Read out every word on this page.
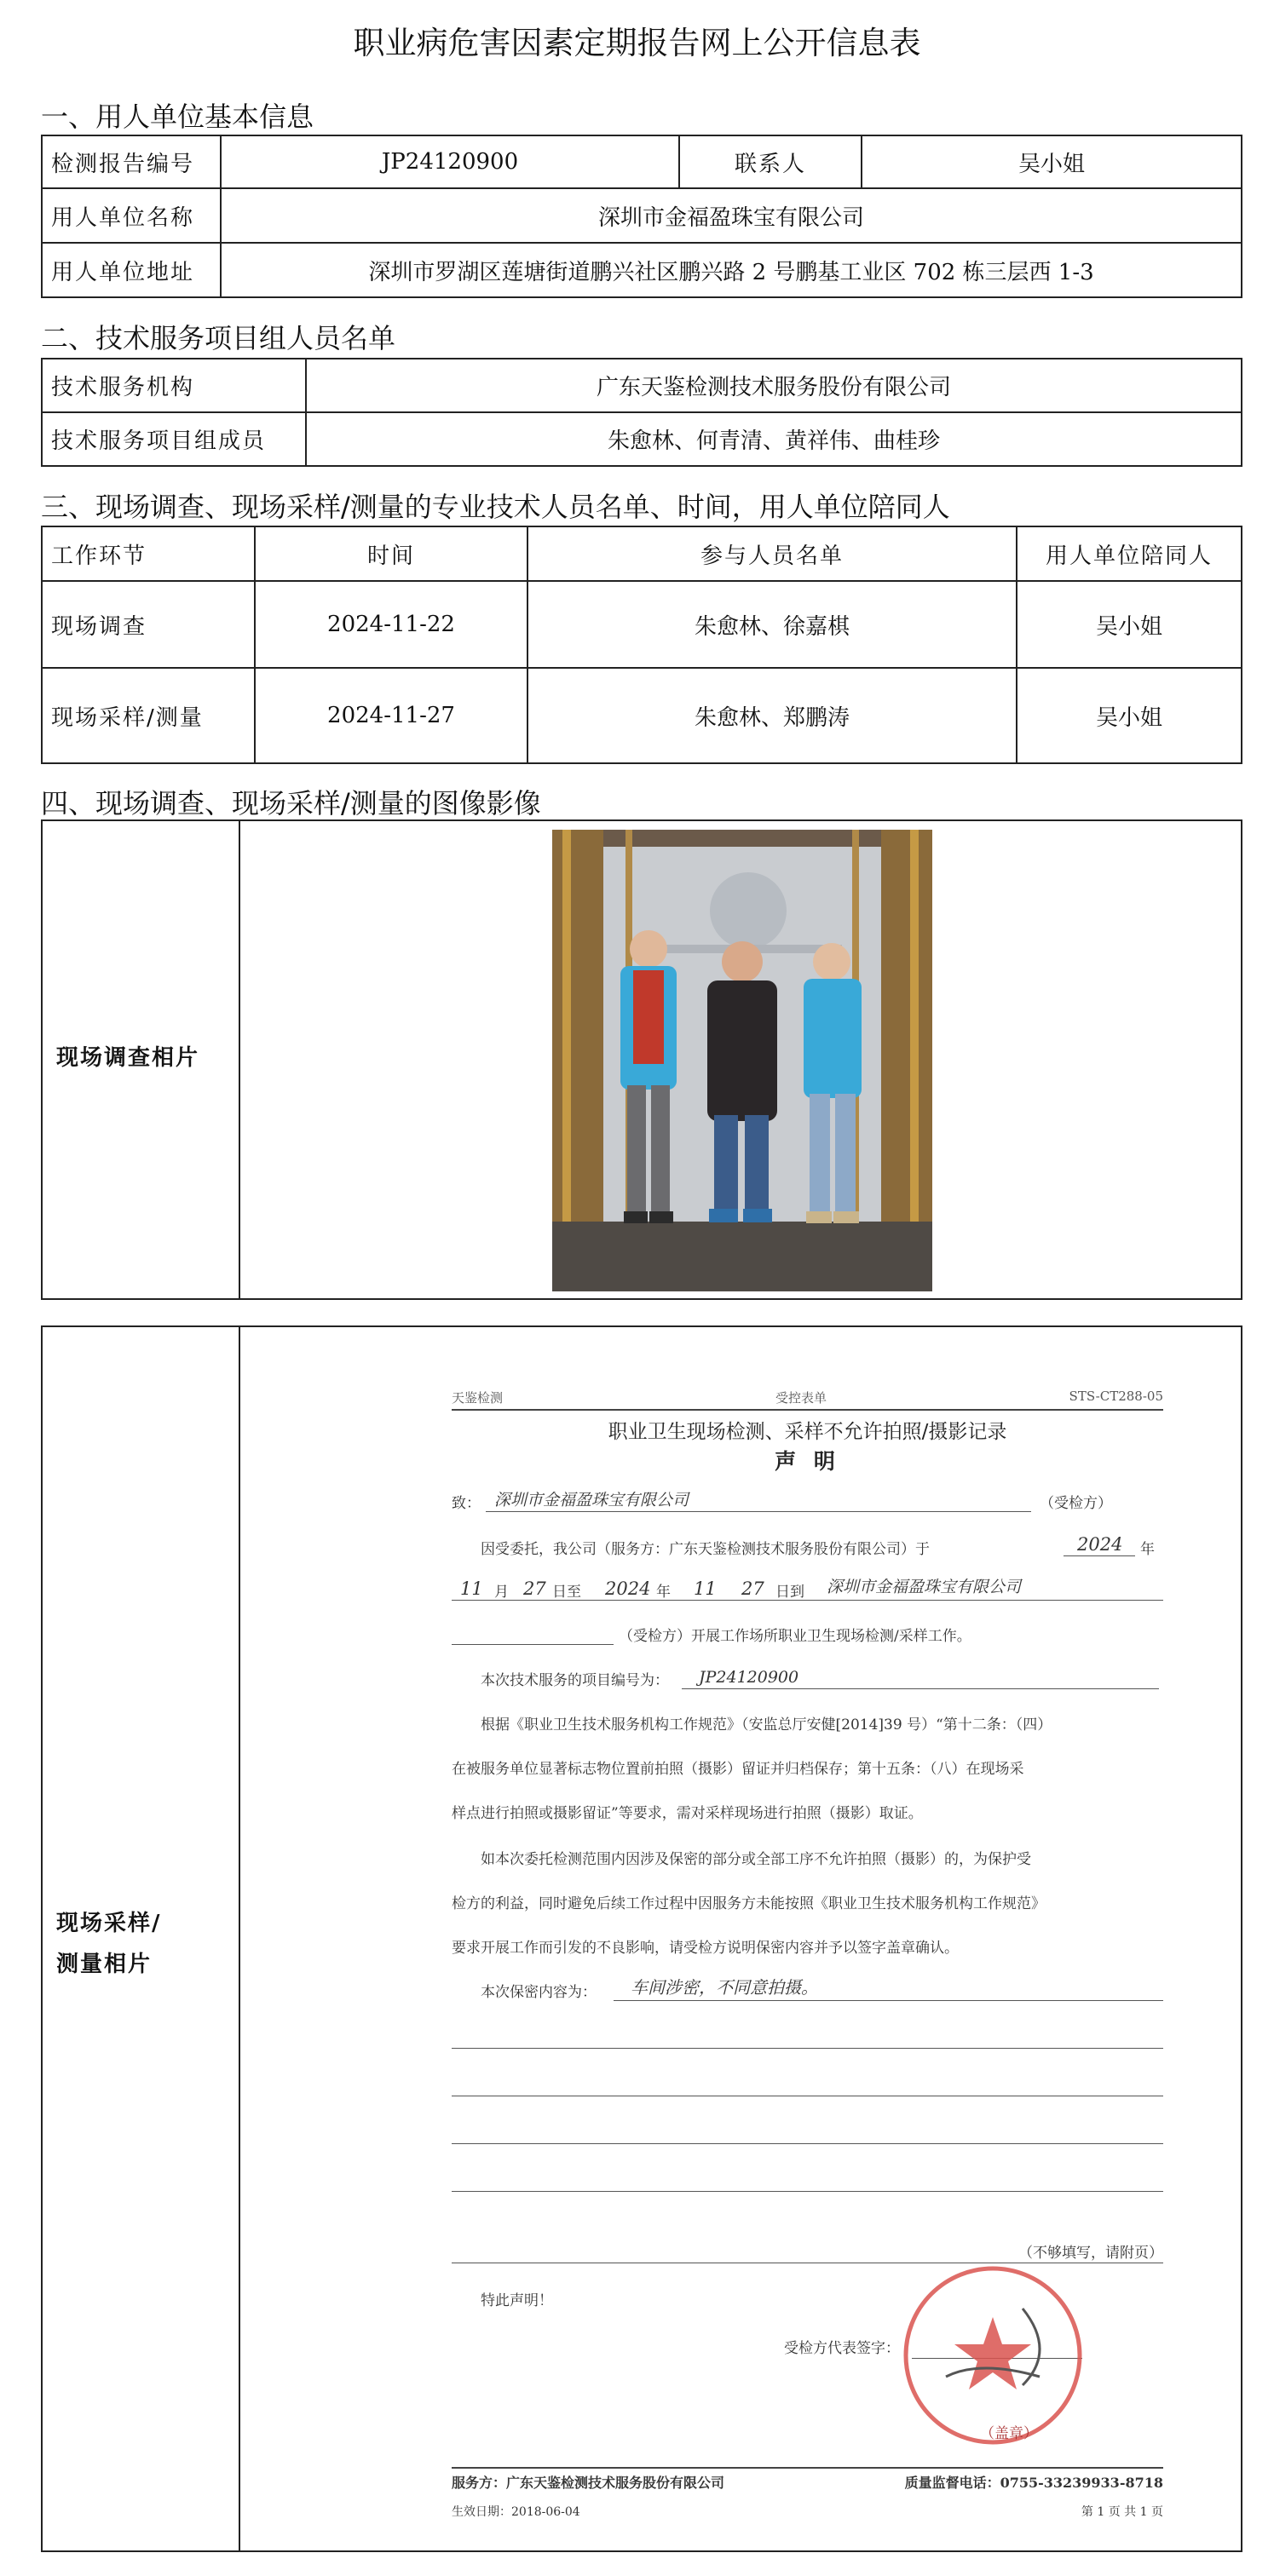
职业病危害因素定期报告网上公开信息表
一、用人单位基本信息
检测报告编号	JP24120900	联系人	吴小姐
用人单位名称	深圳市金福盈珠宝有限公司		
用人单位地址	深圳市罗湖区莲塘街道鹏兴社区鹏兴路 2 号鹏基工业区 702 栋三层西 1-3		
二、技术服务项目组人员名单
技术服务机构	广东天鉴检测技术服务股份有限公司
技术服务项目组成员	朱愈林、何青清、黄祥伟、曲桂珍
三、现场调查、现场采样/测量的专业技术人员名单、时间，用人单位陪同人
工作环节	时间	参与人员名单	用人单位陪同人
现场调查	2024-11-22	朱愈林、徐嘉棋	吴小姐
现场采样/测量	2024-11-27	朱愈林、郑鹏涛	吴小姐
四、现场调查、现场采样/测量的图像影像
现场调查相片
现场采样/
测量相片
天鉴检测	受控表单	STS-CT288-05
职业卫生现场检测、采样不允许拍照/摄影记录
声 明
致： 深圳市金福盈珠宝有限公司	（受检方）
因受委托，我公司（服务方：广东天鉴检测技术服务股份有限公司）于	2024 年
11 月 27 日至 2024 年 11 27 日到 深圳市金福盈珠宝有限公司
（受检方）开展工作场所职业卫生现场检测/采样工作。
本次技术服务的项目编号为： JP24120900
根据《职业卫生技术服务机构工作规范》（安监总厅安健[2014]39 号）“第十二条：（四）
在被服务单位显著标志物位置前拍照（摄影）留证并归档保存；第十五条：（八）在现场采
样点进行拍照或摄影留证”等要求，需对采样现场进行拍照（摄影）取证。
如本次委托检测范围内因涉及保密的部分或全部工序不允许拍照（摄影）的，为保护受
检方的利益，同时避免后续工作过程中因服务方未能按照《职业卫生技术服务机构工作规范》
要求开展工作而引发的不良影响，请受检方说明保密内容并予以签字盖章确认。
本次保密内容为： 车间涉密，不同意拍摄。
（不够填写，请附页）
特此声明！
受检方代表签字：
（盖章）
服务方：广东天鉴检测技术服务股份有限公司	质量监督电话：0755-33239933-8718
生效日期：2018-06-04	第 1 页 共 1 页
